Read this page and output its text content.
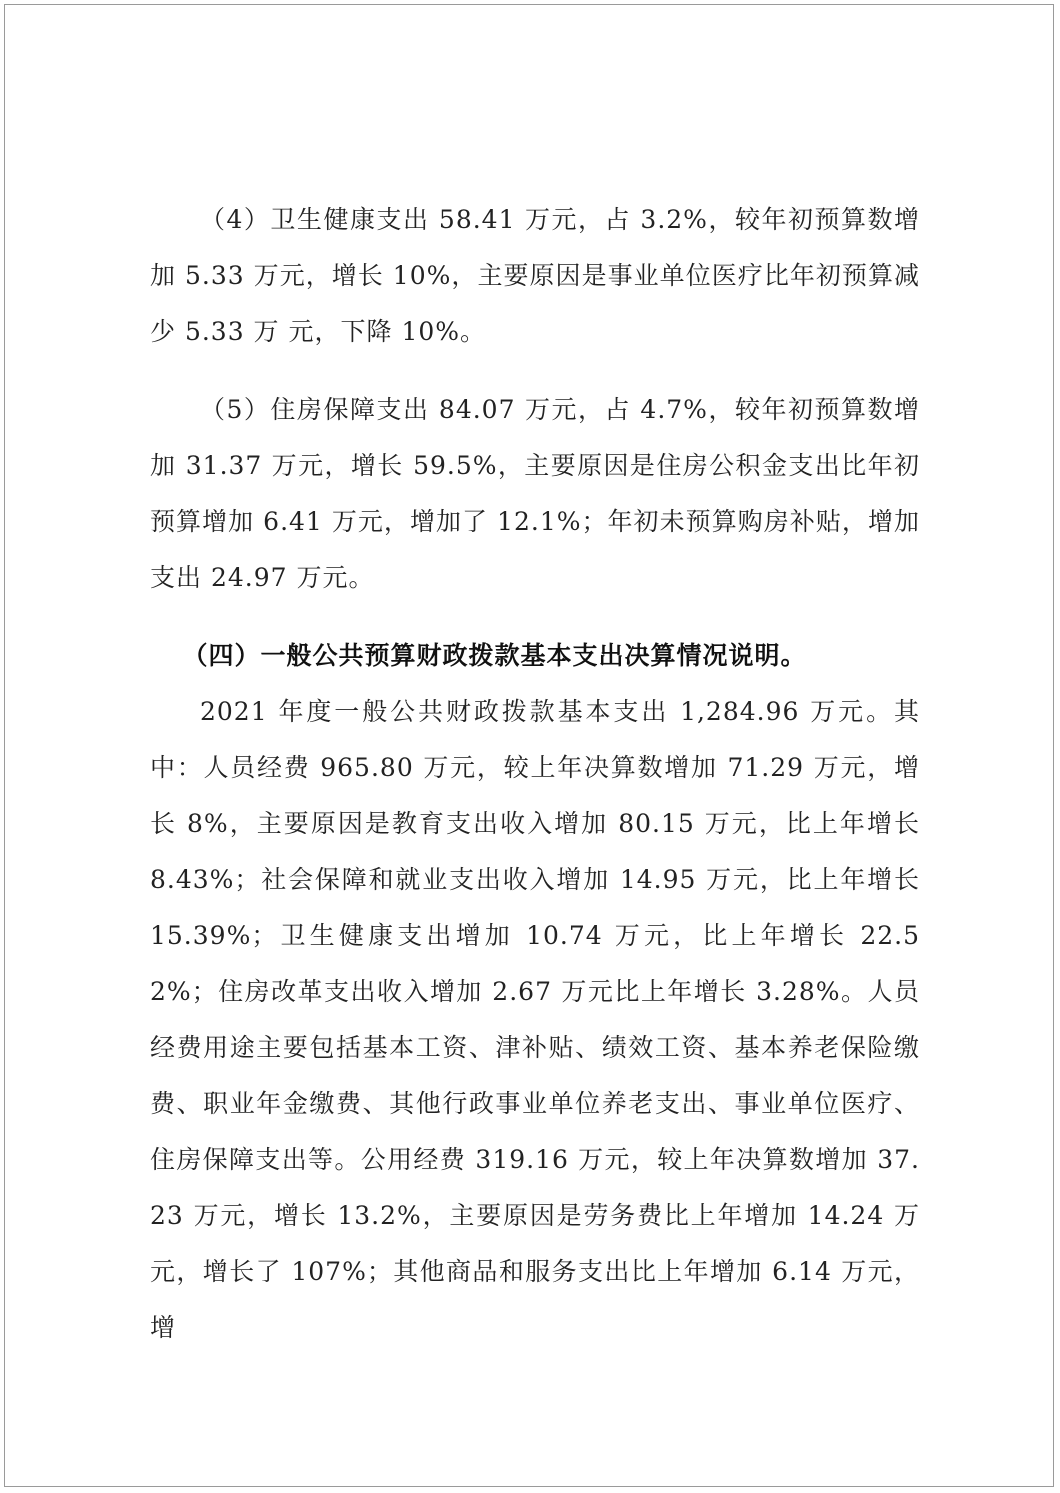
（4）卫生健康支出 58.41 万元，占 3.2%，较年初预算数增加 5.33 万元，增长 10%，主要原因是事业单位医疗比年初预算减少 5.33 万 元，下降 10%。

（5）住房保障支出 84.07 万元，占 4.7%，较年初预算数增加 31.37 万元，增长 59.5%，主要原因是住房公积金支出比年初预算增加 6.41 万元，增加了 12.1%；年初未预算购房补贴，增加支出 24.97 万元。

（四）一般公共预算财政拨款基本支出决算情况说明。

2021 年度一般公共财政拨款基本支出 1,284.96 万元。其中：人员经费 965.80 万元，较上年决算数增加 71.29 万元，增长 8%，主要原因是教育支出收入增加 80.15 万元，比上年增长 8.43%；社会保障和就业支出收入增加 14.95 万元，比上年增长 15.39%；卫生健康支出增加 10.74 万元，比上年增长 22.52%；住房改革支出收入增加 2.67 万元比上年增长 3.28%。人员经费用途主要包括基本工资、津补贴、绩效工资、基本养老保险缴费、职业年金缴费、其他行政事业单位养老支出、事业单位医疗、住房保障支出等。公用经费 319.16 万元，较上年决算数增加 37.23 万元，增长 13.2%，主要原因是劳务费比上年增加 14.24 万元，增长了 107%；其他商品和服务支出比上年增加 6.14 万元，增
